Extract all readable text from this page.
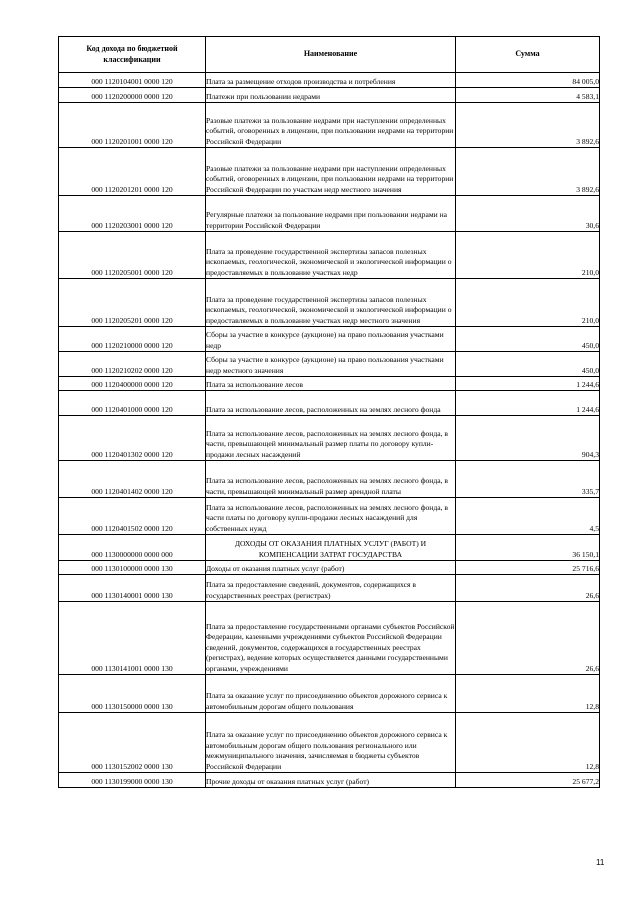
Код дохода по бюджетной классификации	Наименование	Сумма
000 1120104001 0000 120	Плата за размещение отходов производства и потребления	84 005,0
000 1120200000 0000 120	Платежи при пользовании недрами	4 583,1
000 1120201001 0000 120	Разовые платежи за пользование недрами при наступлении определенных событий, оговоренных в лицензии, при пользовании недрами на территории Российской Федерации	3 892,6
000 1120201201 0000 120	Разовые платежи за пользование недрами при наступлении определенных событий, оговоренных в лицензии, при пользовании недрами на территории Российской Федерации по участкам недр местного значения	3 892,6
000 1120203001 0000 120	Регулярные платежи за пользование недрами при пользовании недрами на территории Российской Федерации	30,6
000 1120205001 0000 120	Плата за проведение государственной экспертизы запасов полезных ископаемых, геологической, экономической и экологической информации о предоставляемых в пользование участках недр	210,0
000 1120205201 0000 120	Плата за проведение государственной экспертизы запасов полезных ископаемых, геологической, экономической и экологической информации о предоставляемых в пользование участках недр местного значения	210,0
000 1120210000 0000 120	Сборы за участие в конкурсе (аукционе) на право пользования участками недр	450,0
000 1120210202 0000 120	Сборы за участие в конкурсе (аукционе) на право пользования участками недр местного значения	450,0
000 1120400000 0000 120	Плата за использование лесов	1 244,6
000 1120401000 0000 120	Плата за использование лесов, расположенных на землях лесного фонда	1 244,6
000 1120401302 0000 120	Плата за использование лесов, расположенных на землях лесного фонда, в части, превышающей минимальный размер платы по договору купли-продажи лесных насаждений	904,3
000 1120401402 0000 120	Плата за использование лесов, расположенных на землях лесного фонда, в части, превышающей минимальный размер арендной платы	335,7
000 1120401502 0000 120	Плата за использование лесов, расположенных на землях лесного фонда, в части платы по договору купли-продажи лесных насаждений для собственных нужд	4,5
000 1130000000 0000 000	ДОХОДЫ ОТ ОКАЗАНИЯ ПЛАТНЫХ УСЛУГ (РАБОТ) И КОМПЕНСАЦИИ ЗАТРАТ ГОСУДАРСТВА	36 150,1
000 1130100000 0000 130	Доходы от оказания платных услуг (работ)	25 716,6
000 1130140001 0000 130	Плата за предоставление сведений, документов, содержащихся в государственных реестрах (регистрах)	26,6
000 1130141001 0000 130	Плата за предоставление государственными органами субъектов Российской Федерации, казенными учреждениями субъектов Российской Федерации сведений, документов, содержащихся в государственных реестрах (регистрах), ведение которых осуществляется данными государственными органами, учреждениями	26,6
000 1130150000 0000 130	Плата за оказание услуг по присоединению объектов дорожного сервиса к автомобильным дорогам общего пользования	12,8
000 1130152002 0000 130	Плата за оказание услуг по присоединению объектов дорожного сервиса к автомобильным дорогам общего пользования регионального или межмуниципального значения, зачисляемая в бюджеты субъектов Российской Федерации	12,8
000 1130199000 0000 130	Прочие доходы от оказания платных услуг (работ)	25 677,2
11
